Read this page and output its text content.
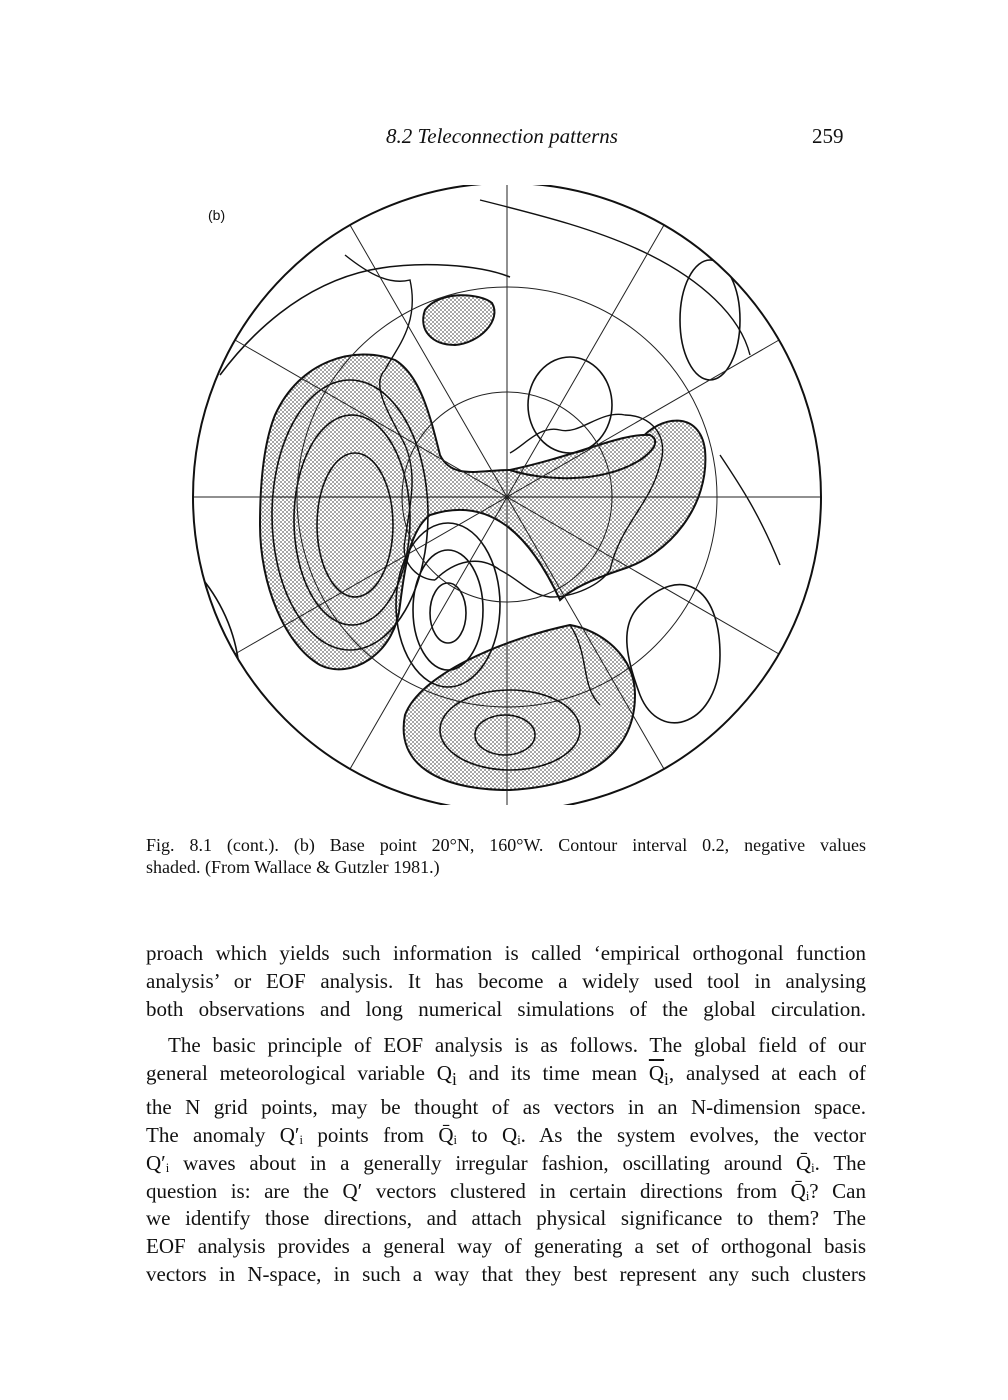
8.2 Teleconnection patterns	259
(b)
Fig. 8.1 (cont.). (b) Base point 20°N, 160°W. Contour interval 0.2, negative values
shaded. (From Wallace & Gutzler 1981.)
proach which yields such information is called ‘empirical orthogonal function
analysis’ or EOF analysis. It has become a widely used tool in analysing
both observations and long numerical simulations of the global circulation.
The basic principle of EOF analysis is as follows. The global field of our
general meteorological variable $Q_i$ and its time mean $\overline{Q}_i$, analysed at each of
the N grid points, may be thought of as vectors in an N-dimension space.
The anomaly Q′ᵢ points from Q̄ᵢ to Qᵢ. As the system evolves, the vector
Q′ᵢ waves about in a generally irregular fashion, oscillating around Q̄ᵢ. The
question is: are the Q′ vectors clustered in certain directions from Q̄ᵢ? Can
we identify those directions, and attach physical significance to them? The
EOF analysis provides a general way of generating a set of orthogonal basis
vectors in N-space, in such a way that they best represent any such clusters
